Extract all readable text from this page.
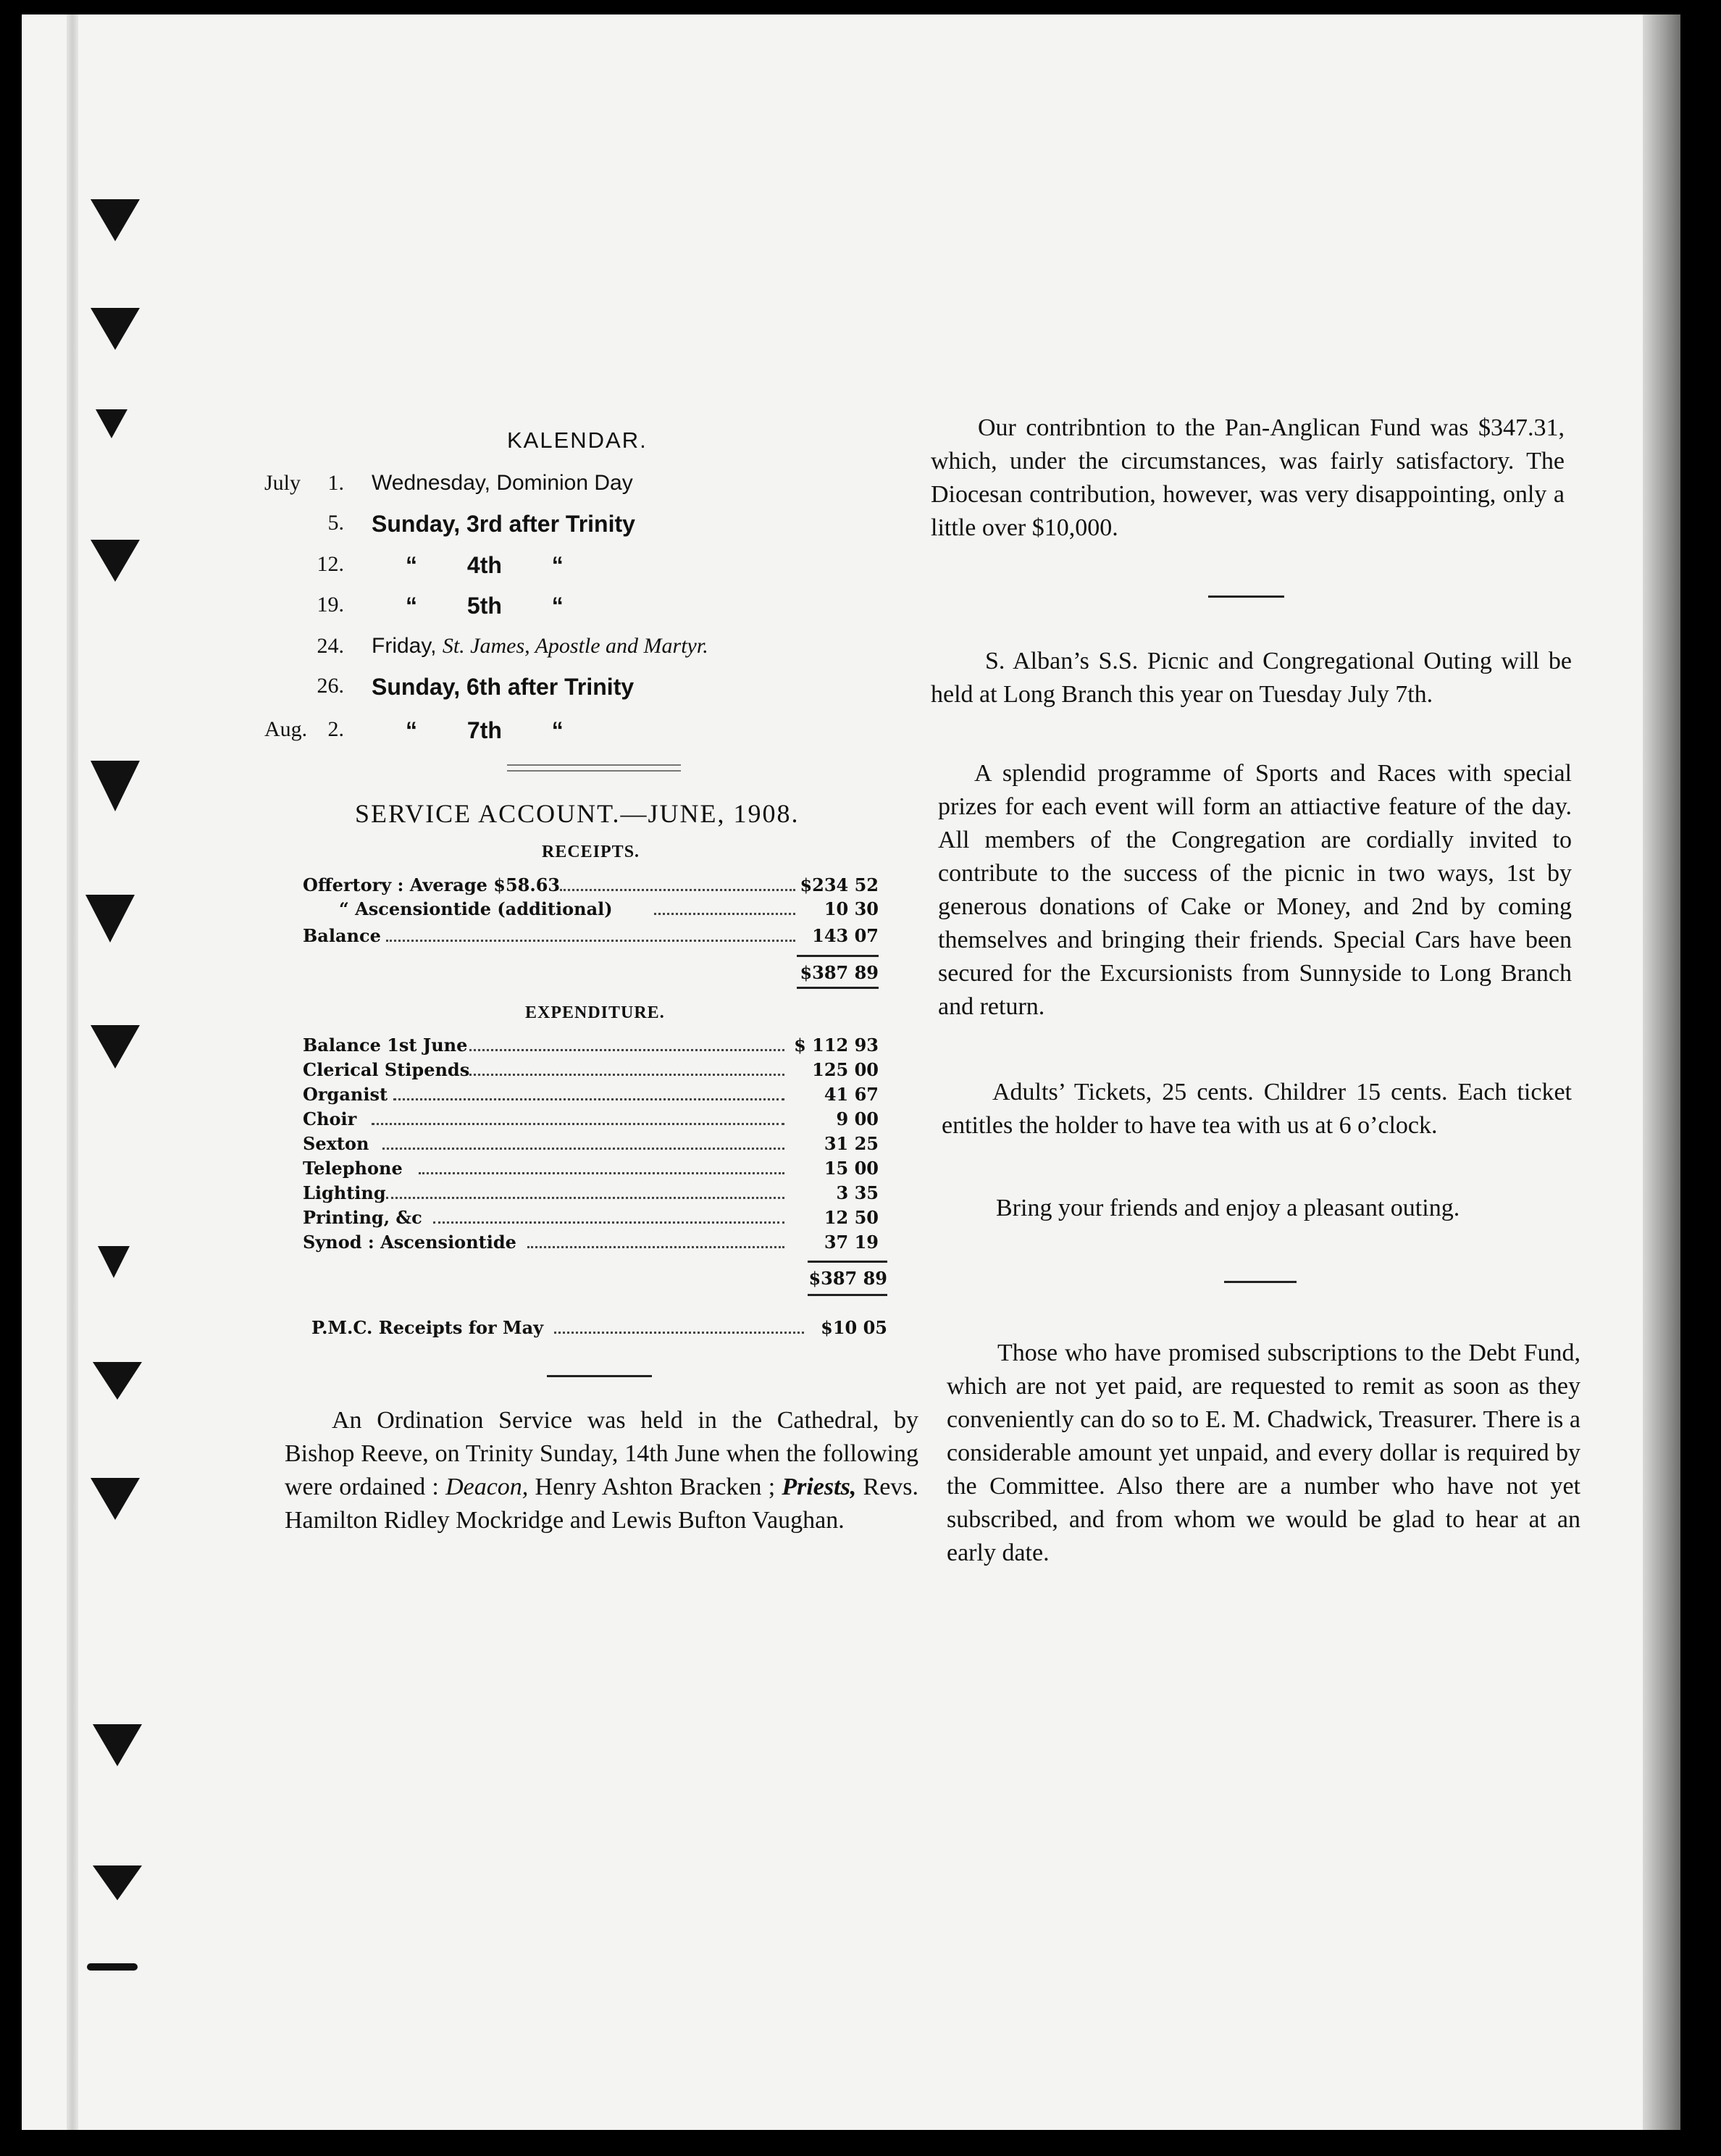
KALENDAR.
July 1. Wednesday, Dominion Day
5. Sunday, 3rd after Trinity
12.	“ 4th “
19.	“ 5th “
24. Friday, St. James, Apostle and Martyr.
26. Sunday, 6th after Trinity
Aug. 2.	“ 7th “
SERVICE ACCOUNT.—JUNE, 1908.
RECEIPTS.
Offertory : Average $58.63	$234 52
“ Ascensiontide (additional)	10 30
Balance	143 07
$387 89
EXPENDITURE.
Balance 1st June	$ 112 93
Clerical Stipends	125 00
Organist	41 67
Choir	9 00
Sexton	31 25
Telephone	15 00
Lighting	3 35
Printing, &c	12 50
Synod : Ascensiontide	37 19
$387 89
P.M.C. Receipts for May	$10 05
An Ordination Service was held in the Cathedral, by Bishop Reeve, on Trinity Sunday, 14th June when the following were ordained : Deacon, Henry Ashton Bracken ; Priests, Revs. Hamilton Ridley Mockridge and Lewis Bufton Vaughan.
Our contribntion to the Pan-Anglican Fund was $347.31, which, under the circumstances, was fairly satisfactory. The Diocesan contribution, however, was very disappointing, only a little over $10,000.
S. Alban’s S.S. Picnic and Congregational Outing will be held at Long Branch this year on Tuesday July 7th.
A splendid programme of Sports and Races with special prizes for each event will form an attiactive feature of the day. All members of the Congregation are cordially invited to contribute to the success of the picnic in two ways, 1st by generous donations of Cake or Money, and 2nd by coming themselves and bringing their friends. Special Cars have been secured for the Excursionists from Sunnyside to Long Branch and return.
Adults’ Tickets, 25 cents. Childrer 15 cents. Each ticket entitles the holder to have tea with us at 6 o’clock.
Bring your friends and enjoy a pleasant outing.
Those who have promised subscriptions to the Debt Fund, which are not yet paid, are requested to remit as soon as they conveniently can do so to E. M. Chadwick, Treasurer. There is a considerable amount yet unpaid, and every dollar is required by the Committee. Also there are a number who have not yet subscribed, and from whom we would be glad to hear at an early date.
